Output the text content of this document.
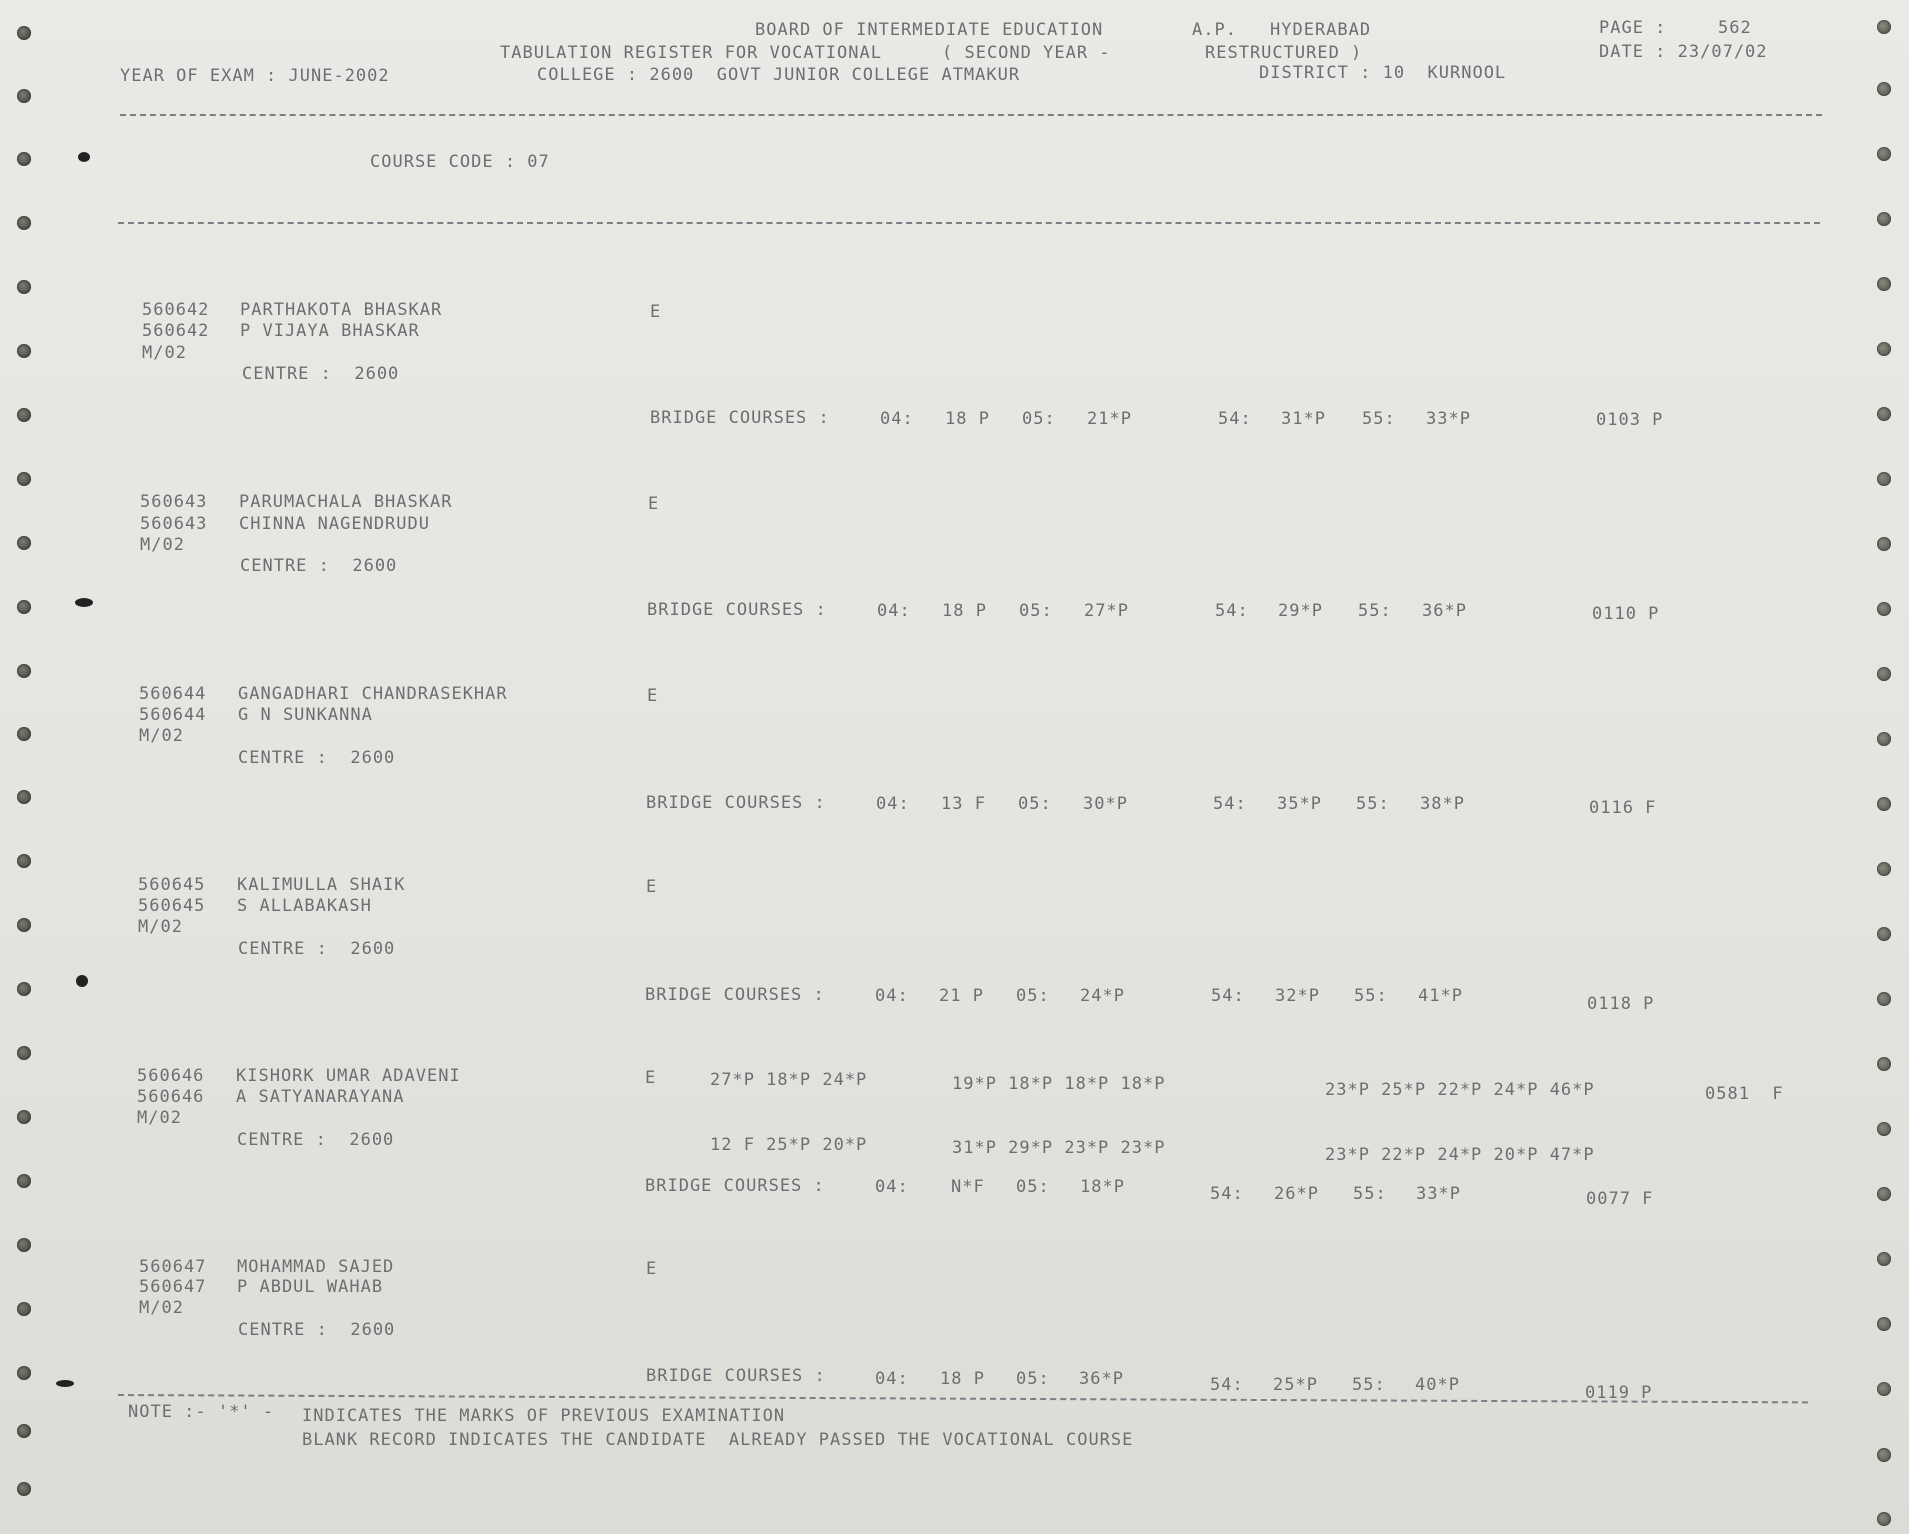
BOARD OF INTERMEDIATE EDUCATION	A.P. HYDERABAD	PAGE :	562
TABULATION REGISTER FOR VOCATIONAL	( SECOND YEAR -	RESTRUCTURED )	DATE : 23/07/02
YEAR OF EXAM : JUNE-2002	COLLEGE : 2600  GOVT JUNIOR COLLEGE ATMAKUR	DISTRICT : 10  KURNOOL
COURSE CODE : 07
560642 PARTHAKOTA BHASKAR	E
560642 P VIJAYA BHASKAR
M/02
CENTRE :  2600
BRIDGE COURSES :	04: 18 P 05: 21*P	54: 31*P 55: 33*P	0103 P
560643 PARUMACHALA BHASKAR	E
560643 CHINNA NAGENDRUDU
M/02
CENTRE :  2600
BRIDGE COURSES :	04: 18 P 05: 27*P	54: 29*P 55: 36*P	0110 P
560644 GANGADHARI CHANDRASEKHAR	E
560644 G N SUNKANNA
M/02
CENTRE :  2600
BRIDGE COURSES :	04: 13 F 05: 30*P	54: 35*P 55: 38*P	0116 F
560645 KALIMULLA SHAIK	E
560645 S ALLABAKASH
M/02
CENTRE :  2600
BRIDGE COURSES :	04: 21 P 05: 24*P	54: 32*P 55: 41*P	0118 P
560646 KISHORK UMAR ADAVENI	E	27*P 18*P 24*P	19*P 18*P 18*P 18*P	23*P 25*P 22*P 24*P 46*P	0581  F
560646 A SATYANARAYANA
M/02
CENTRE :  2600	12 F 25*P 20*P	31*P 29*P 23*P 23*P	23*P 22*P 24*P 20*P 47*P
BRIDGE COURSES :	04: N*F 05: 18*P	54: 26*P 55: 33*P	0077 F
560647 MOHAMMAD SAJED	E
560647 P ABDUL WAHAB
M/02
CENTRE :  2600
BRIDGE COURSES :	04: 18 P 05: 36*P	54: 25*P 55: 40*P	0119 P
NOTE :- '*' - INDICATES THE MARKS OF PREVIOUS EXAMINATION
BLANK RECORD INDICATES THE CANDIDATE  ALREADY PASSED THE VOCATIONAL COURSE
